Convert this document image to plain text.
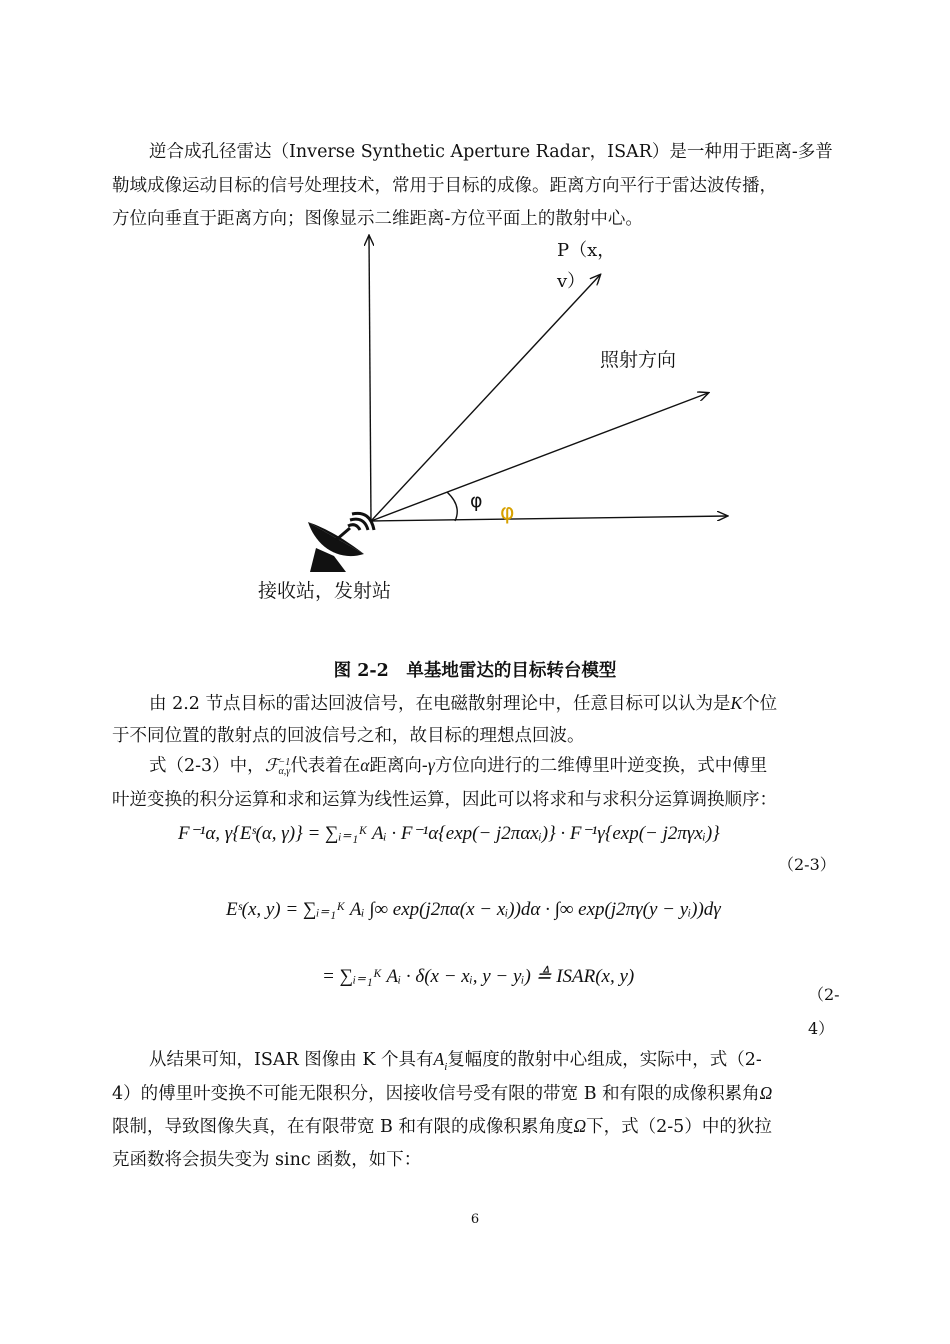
逆合成孔径雷达（Inverse Synthetic Aperture Radar，ISAR）是一种用于距离-多普
勒域成像运动目标的信号处理技术，常用于目标的成像。距离方向平行于雷达波传播，
方位向垂直于距离方向；图像显示二维距离-方位平面上的散射中心。
P（x，
v）
照射方向
φ φ
接收站，发射站
图 2-2　单基地雷达的目标转台模型
由 2.2 节点目标的雷达回波信号，在电磁散射理论中，任意目标可以认为是K个位
于不同位置的散射点的回波信号之和，故目标的理想点回波。
式（2-3）中，ℱ−1
α,γ代表着在α距离向-γ方位向进行的二维傅里叶逆变换，式中傅里
叶逆变换的积分运算和求和运算为线性运算，因此可以将求和与求积分运算调换顺序：
F⁻¹α, γ{Eˢ(α, γ)} = ∑ᵢ₌₁ᴷ Aᵢ · F⁻¹α{exp(− j2παxᵢ)} · F⁻¹γ{exp(− j2πγxᵢ)}
（2-3）
Eˢ(x, y) = ∑ᵢ₌₁ᴷ Aᵢ ∫∞ exp(j2πα(x − xᵢ))dα · ∫∞ exp(j2πγ(y − yᵢ))dγ
= ∑ᵢ₌₁ᴷ Aᵢ · δ(x − xᵢ, y − yᵢ) ≜ ISAR(x, y)
（2-
4）
从结果可知，ISAR 图像由 K 个具有$A_i$复幅度的散射中心组成，实际中，式（2-
4）的傅里叶变换不可能无限积分，因接收信号受有限的带宽 B 和有限的成像积累角Ω
限制，导致图像失真，在有限带宽 B 和有限的成像积累角度Ω下，式（2-5）中的狄拉
克函数将会损失变为 sinc 函数，如下：
6
